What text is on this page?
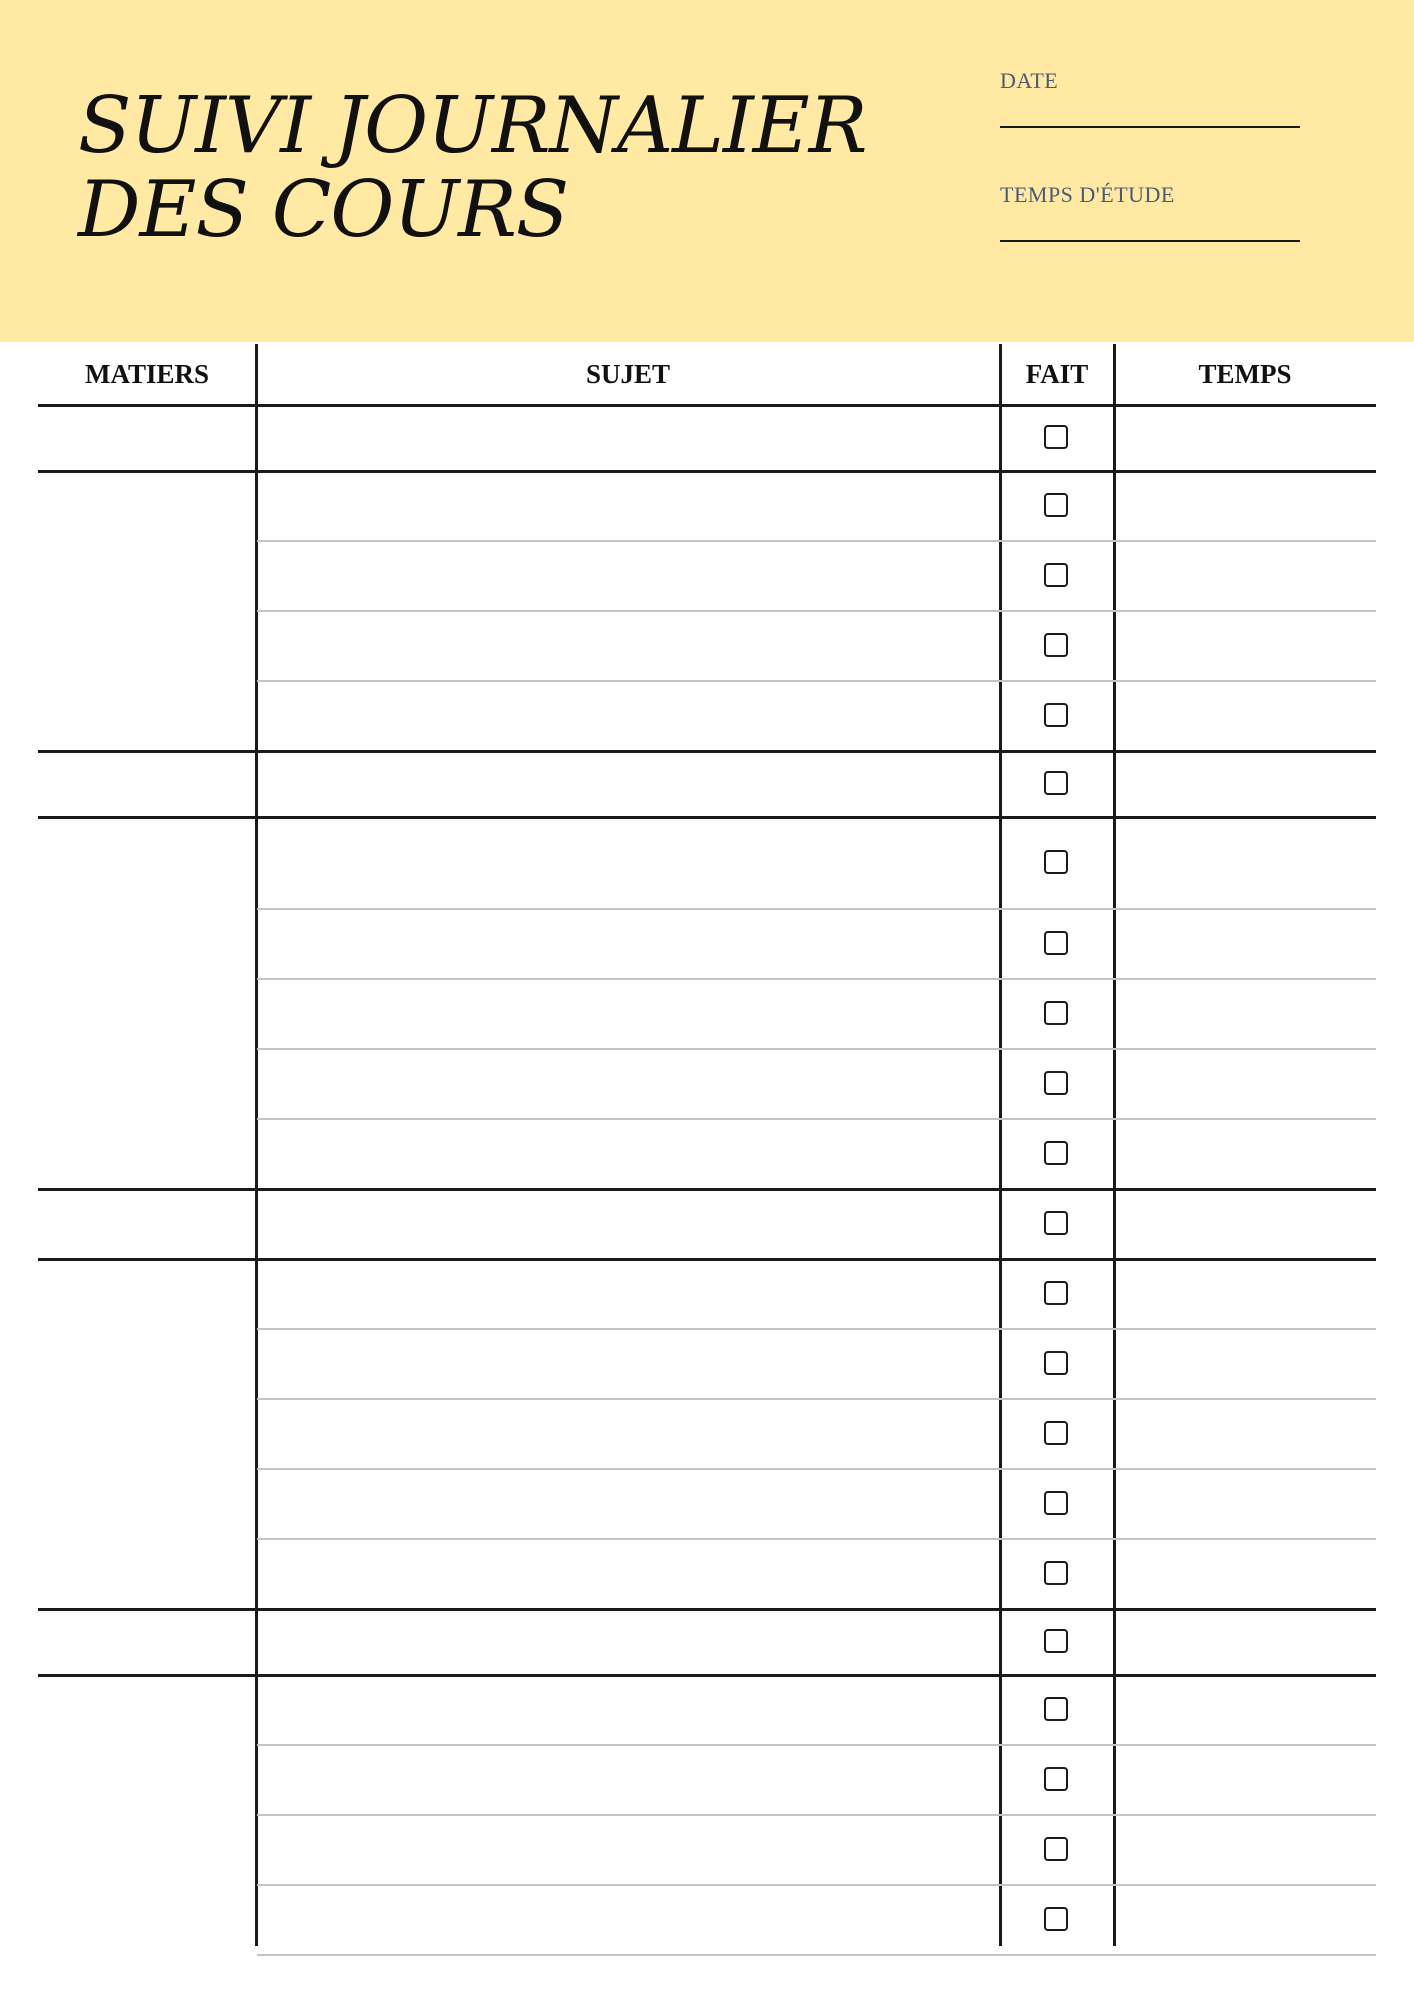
SUIVI JOURNALIER
DES COURS
DATE
TEMPS D'ÉTUDE
MATIERS	SUJET	FAIT	TEMPS
